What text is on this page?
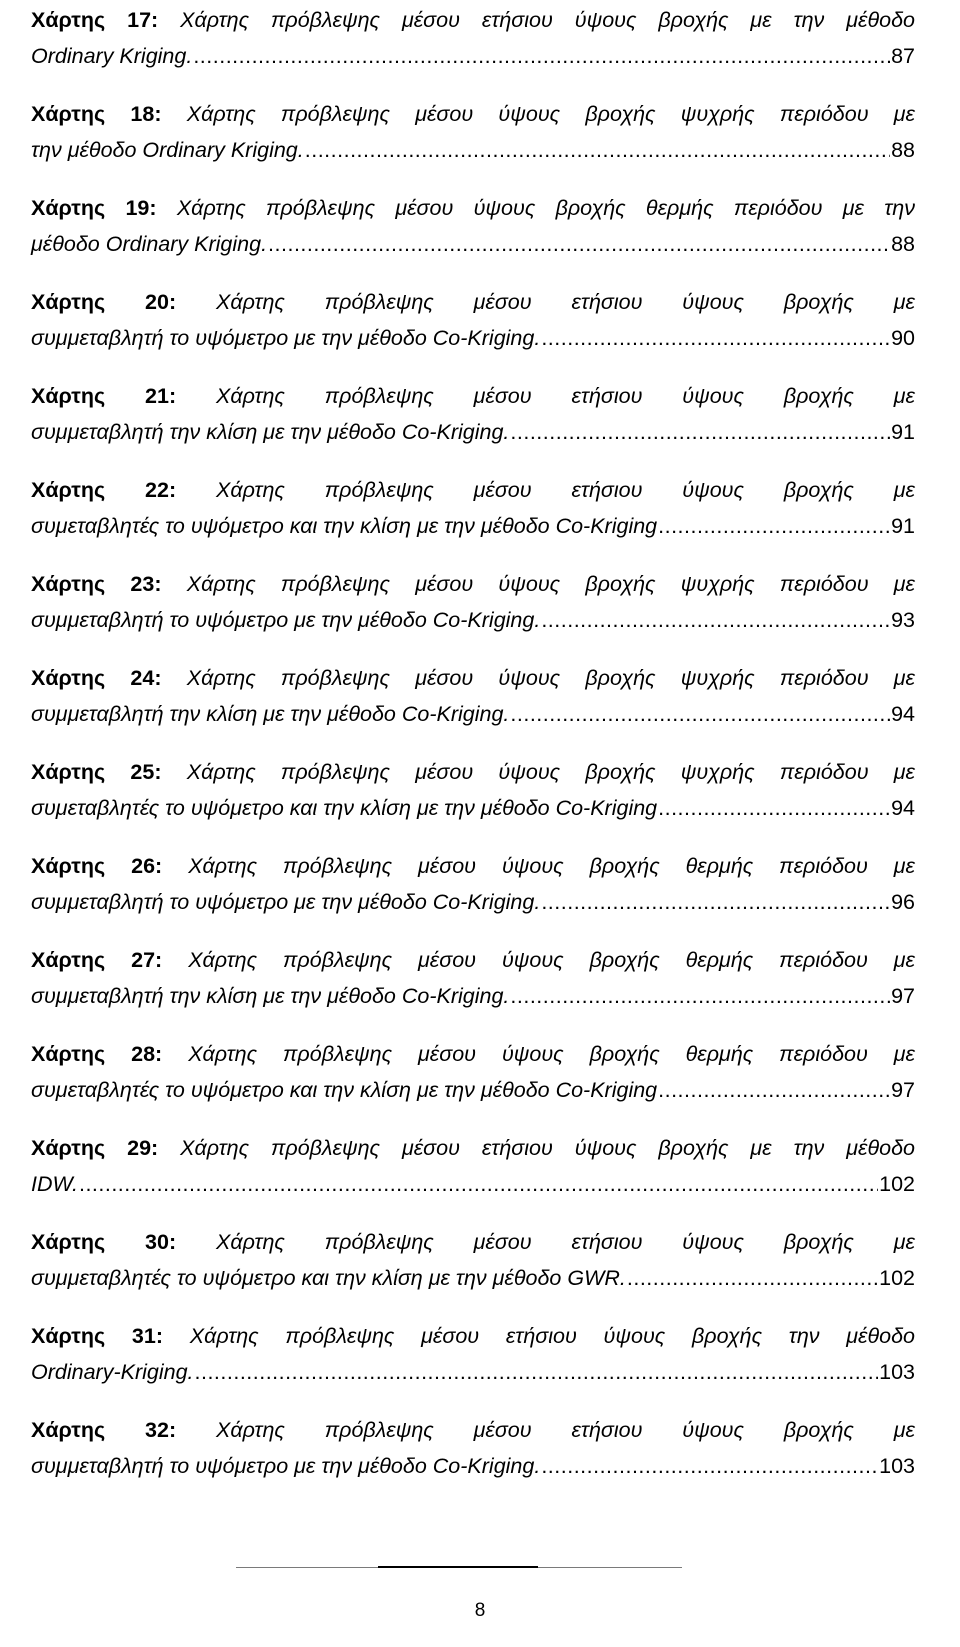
Χάρτης 17: Χάρτης πρόβλεψης μέσου ετήσιου ύψους βροχής με την μέθοδο
Ordinary Kriging. .....	87
Χάρτης 18: Χάρτης πρόβλεψης μέσου ύψους βροχής ψυχρής περιόδου με
την μέθοδο Ordinary Kriging. .....	88
Χάρτης 19: Χάρτης πρόβλεψης μέσου ύψους βροχής θερμής περιόδου με την
μέθοδο Ordinary Kriging. .....	88
Χάρτης 20: Χάρτης πρόβλεψης μέσου ετήσιου ύψους βροχής με
συμμεταβλητή το υψόμετρο με την μέθοδο Co-Kriging. .....	90
Χάρτης 21: Χάρτης πρόβλεψης μέσου ετήσιου ύψους βροχής με
συμμεταβλητή την κλίση με την μέθοδο Co-Kriging. .....	91
Χάρτης 22: Χάρτης πρόβλεψης μέσου ετήσιου ύψους βροχής με
συμεταβλητές το υψόμετρο και την κλίση με την μέθοδο Co-Kriging .....	91
Χάρτης 23: Χάρτης πρόβλεψης μέσου ύψους βροχής ψυχρής περιόδου με
συμμεταβλητή το υψόμετρο με την μέθοδο Co-Kriging. .....	93
Χάρτης 24: Χάρτης πρόβλεψης μέσου ύψους βροχής ψυχρής περιόδου με
συμμεταβλητή την κλίση με την μέθοδο Co-Kriging. .....	94
Χάρτης 25: Χάρτης πρόβλεψης μέσου ύψους βροχής ψυχρής περιόδου με
συμεταβλητές το υψόμετρο και την κλίση με την μέθοδο Co-Kriging .....	94
Χάρτης 26: Χάρτης πρόβλεψης μέσου ύψους βροχής θερμής περιόδου με
συμμεταβλητή το υψόμετρο με την μέθοδο Co-Kriging. .....	96
Χάρτης 27: Χάρτης πρόβλεψης μέσου ύψους βροχής θερμής περιόδου με
συμμεταβλητή την κλίση με την μέθοδο Co-Kriging. .....	97
Χάρτης 28: Χάρτης πρόβλεψης μέσου ύψους βροχής θερμής περιόδου με
συμεταβλητές το υψόμετρο και την κλίση με την μέθοδο Co-Kriging .....	97
Χάρτης 29: Χάρτης πρόβλεψης μέσου ετήσιου ύψους βροχής με την μέθοδο
IDW. .....	102
Χάρτης 30: Χάρτης πρόβλεψης μέσου ετήσιου ύψους βροχής με
συμμεταβλητές το υψόμετρο και την κλίση με την μέθοδο GWR. .....	102
Χάρτης 31: Χάρτης πρόβλεψης μέσου ετήσιου ύψους βροχής την μέθοδο
Ordinary-Kriging. .....	103
Χάρτης 32: Χάρτης πρόβλεψης μέσου ετήσιου ύψους βροχής με
συμμεταβλητή το υψόμετρο με την μέθοδο Co-Kriging. .....	103
8
